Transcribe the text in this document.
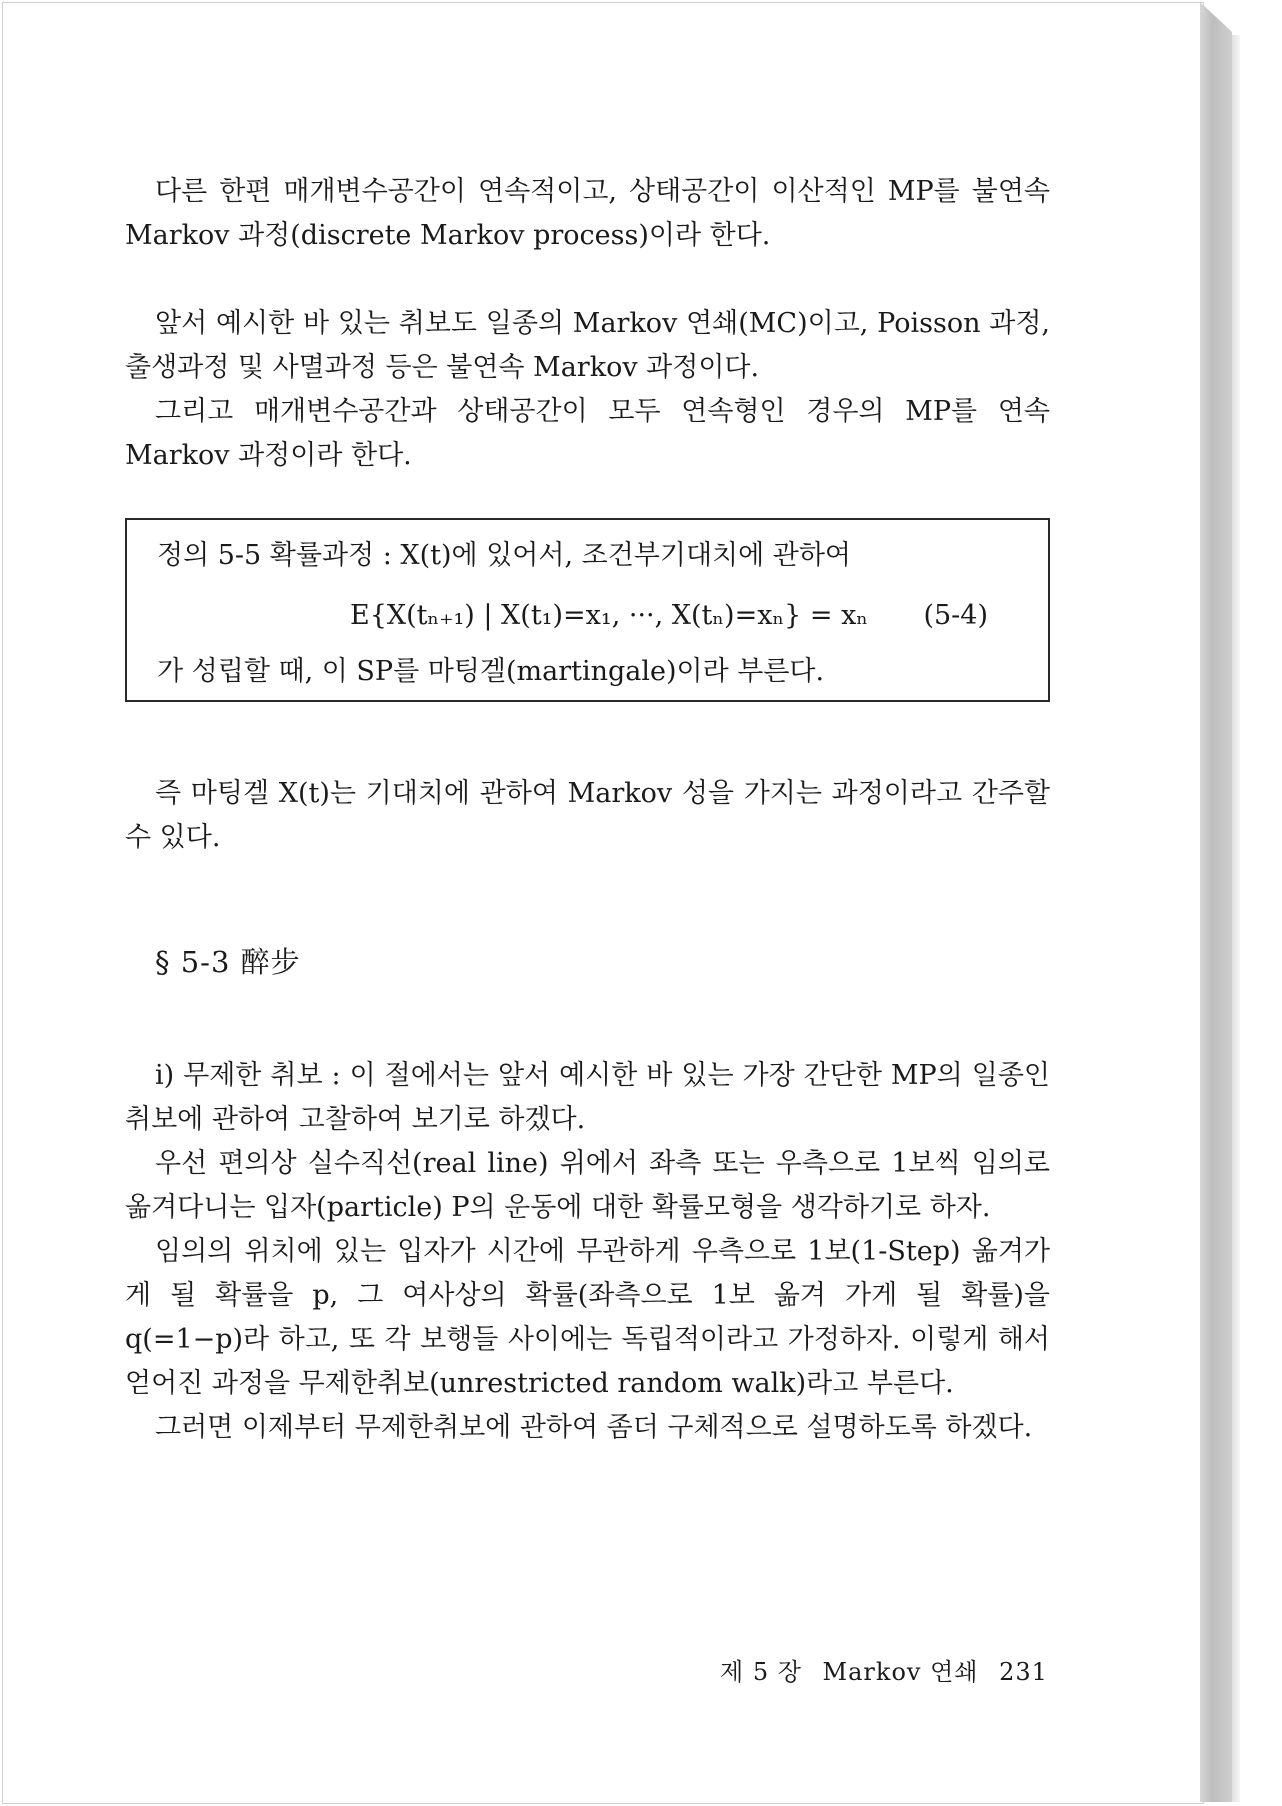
다른 한편 매개변수공간이 연속적이고, 상태공간이 이산적인 MP를 불연속 Markov 과정(discrete Markov process)이라 한다.

앞서 예시한 바 있는 취보도 일종의 Markov 연쇄(MC)이고, Poisson 과정, 출생과정 및 사멸과정 등은 불연속 Markov 과정이다.

그리고 매개변수공간과 상태공간이 모두 연속형인 경우의 MP를 연속 Markov 과정이라 한다.

정의 5-5 확률과정 : X(t)에 있어서, 조건부기대치에 관하여
E{X(tₙ₊₁) | X(t₁)=x₁, ···, X(tₙ)=xₙ} = xₙ (5-4)
가 성립할 때, 이 SP를 마팅겔(martingale)이라 부른다.

즉 마팅겔 X(t)는 기대치에 관하여 Markov 성을 가지는 과정이라고 간주할 수 있다.

§ 5-3 醉步

i) 무제한 취보 : 이 절에서는 앞서 예시한 바 있는 가장 간단한 MP의 일종인 취보에 관하여 고찰하여 보기로 하겠다.

우선 편의상 실수직선(real line) 위에서 좌측 또는 우측으로 1보씩 임의로 옮겨다니는 입자(particle) P의 운동에 대한 확률모형을 생각하기로 하자.

임의의 위치에 있는 입자가 시간에 무관하게 우측으로 1보(1-Step) 옮겨가게 될 확률을 p, 그 여사상의 확률(좌측으로 1보 옮겨 가게 될 확률)을 q(=1−p)라 하고, 또 각 보행들 사이에는 독립적이라고 가정하자. 이렇게 해서 얻어진 과정을 무제한취보(unrestricted random walk)라고 부른다.

그러면 이제부터 무제한취보에 관하여 좀더 구체적으로 설명하도록 하겠다.

제 5 장 Markov 연쇄 231
